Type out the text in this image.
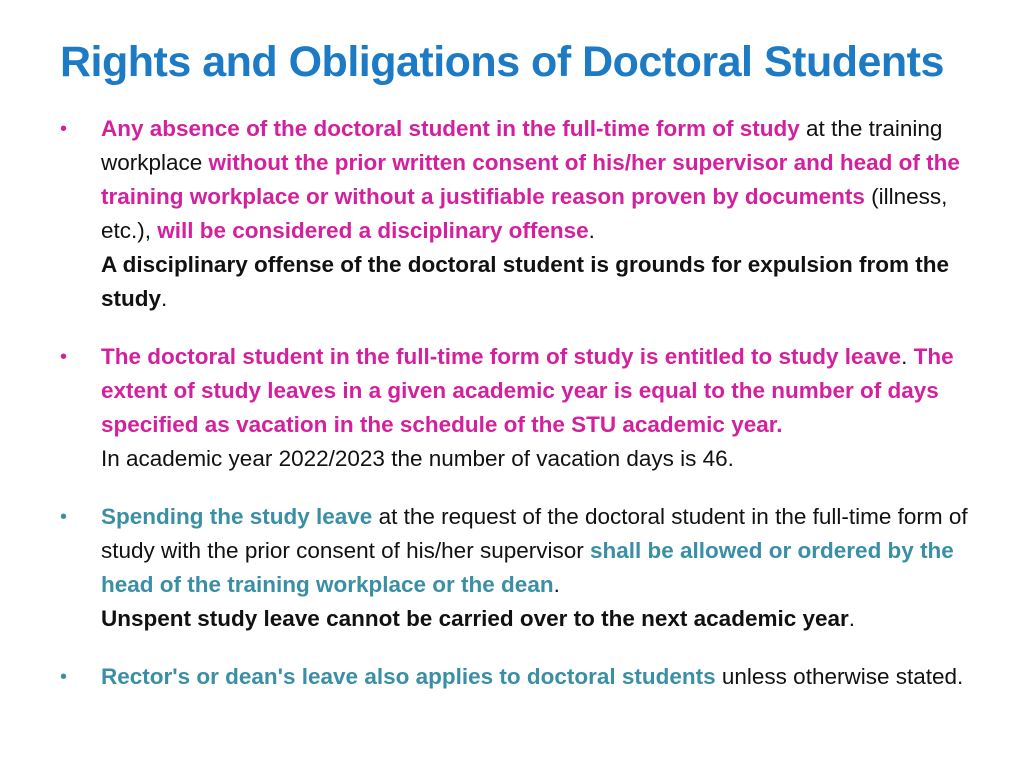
Rights and Obligations of Doctoral Students
•	Any absence of the doctoral student in the full-time form of study at the training workplace without the prior written consent of his/her supervisor and head of the training workplace or without a justifiable reason proven by documents (illness, etc.), will be considered a disciplinary offense.
A disciplinary offense of the doctoral student is grounds for expulsion from the study.
•	The doctoral student in the full-time form of study is entitled to study leave. The extent of study leaves in a given academic year is equal to the number of days specified as vacation in the schedule of the STU academic year.
In academic year 2022/2023 the number of vacation days is 46.
•	Spending the study leave at the request of the doctoral student in the full-time form of study with the prior consent of his/her supervisor shall be allowed or ordered by the head of the training workplace or the dean.
Unspent study leave cannot be carried over to the next academic year.
•	Rector's or dean's leave also applies to doctoral students unless otherwise stated.
